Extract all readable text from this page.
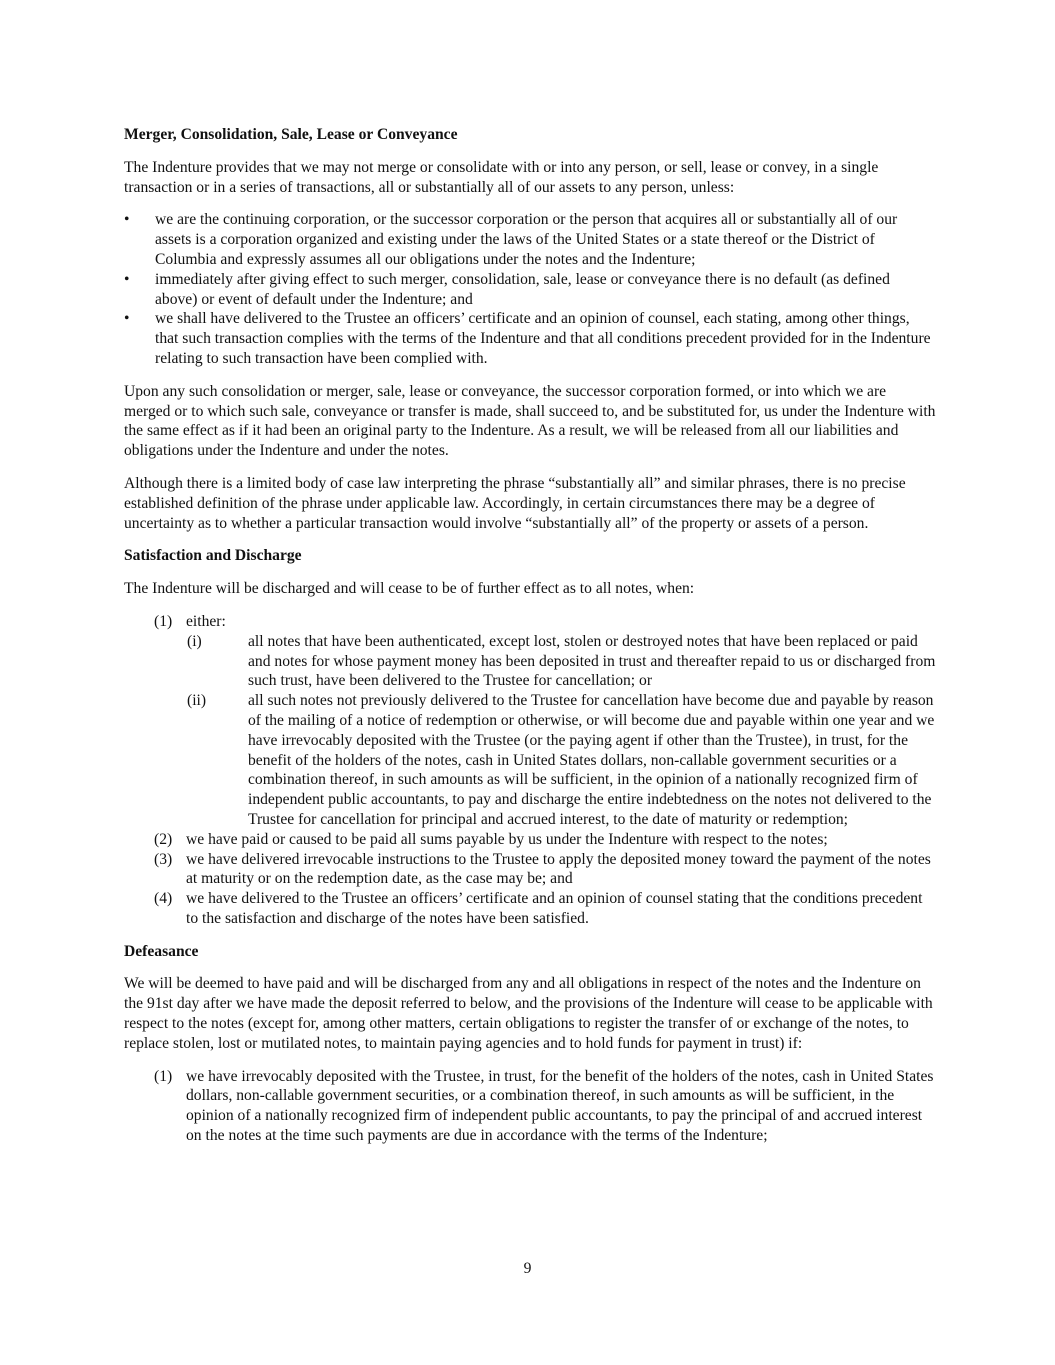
Merger, Consolidation, Sale, Lease or Conveyance

The Indenture provides that we may not merge or consolidate with or into any person, or sell, lease or convey, in a single transaction or in a series of transactions, all or substantially all of our assets to any person, unless:

• we are the continuing corporation, or the successor corporation or the person that acquires all or substantially all of our assets is a corporation organized and existing under the laws of the United States or a state thereof or the District of Columbia and expressly assumes all our obligations under the notes and the Indenture;
• immediately after giving effect to such merger, consolidation, sale, lease or conveyance there is no default (as defined above) or event of default under the Indenture; and
• we shall have delivered to the Trustee an officers’ certificate and an opinion of counsel, each stating, among other things, that such transaction complies with the terms of the Indenture and that all conditions precedent provided for in the Indenture relating to such transaction have been complied with.

Upon any such consolidation or merger, sale, lease or conveyance, the successor corporation formed, or into which we are merged or to which such sale, conveyance or transfer is made, shall succeed to, and be substituted for, us under the Indenture with the same effect as if it had been an original party to the Indenture. As a result, we will be released from all our liabilities and obligations under the Indenture and under the notes.

Although there is a limited body of case law interpreting the phrase “substantially all” and similar phrases, there is no precise established definition of the phrase under applicable law. Accordingly, in certain circumstances there may be a degree of uncertainty as to whether a particular transaction would involve “substantially all” of the property or assets of a person.

Satisfaction and Discharge

The Indenture will be discharged and will cease to be of further effect as to all notes, when:

(1) either:
(i)	all notes that have been authenticated, except lost, stolen or destroyed notes that have been replaced or paid and notes for whose payment money has been deposited in trust and thereafter repaid to us or discharged from such trust, have been delivered to the Trustee for cancellation; or
(ii)	all such notes not previously delivered to the Trustee for cancellation have become due and payable by reason of the mailing of a notice of redemption or otherwise, or will become due and payable within one year and we have irrevocably deposited with the Trustee (or the paying agent if other than the Trustee), in trust, for the benefit of the holders of the notes, cash in United States dollars, non-callable government securities or a combination thereof, in such amounts as will be sufficient, in the opinion of a nationally recognized firm of independent public accountants, to pay and discharge the entire indebtedness on the notes not delivered to the Trustee for cancellation for principal and accrued interest, to the date of maturity or redemption;
(2) we have paid or caused to be paid all sums payable by us under the Indenture with respect to the notes;
(3) we have delivered irrevocable instructions to the Trustee to apply the deposited money toward the payment of the notes at maturity or on the redemption date, as the case may be; and
(4) we have delivered to the Trustee an officers’ certificate and an opinion of counsel stating that the conditions precedent to the satisfaction and discharge of the notes have been satisfied.
Defeasance

We will be deemed to have paid and will be discharged from any and all obligations in respect of the notes and the Indenture on the 91st day after we have made the deposit referred to below, and the provisions of the Indenture will cease to be applicable with respect to the notes (except for, among other matters, certain obligations to register the transfer of or exchange of the notes, to replace stolen, lost or mutilated notes, to maintain paying agencies and to hold funds for payment in trust) if:

(1) we have irrevocably deposited with the Trustee, in trust, for the benefit of the holders of the notes, cash in United States dollars, non-callable government securities, or a combination thereof, in such amounts as will be sufficient, in the opinion of a nationally recognized firm of independent public accountants, to pay the principal of and accrued interest on the notes at the time such payments are due in accordance with the terms of the Indenture;
9
